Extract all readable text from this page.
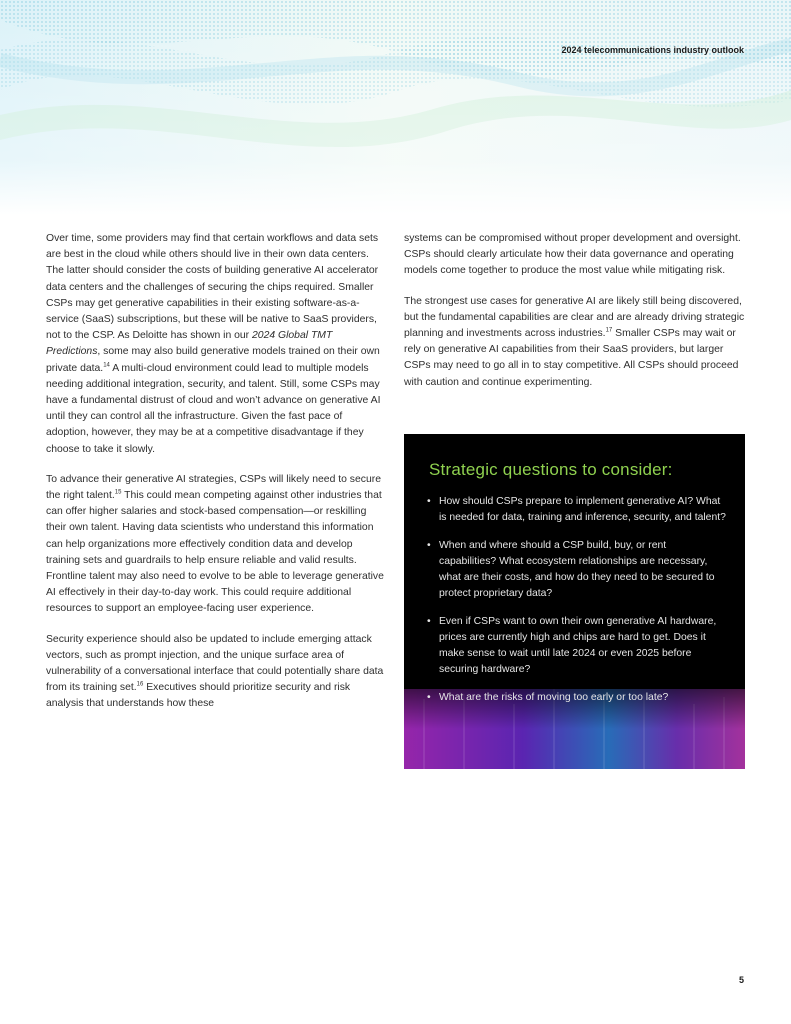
2024 telecommunications industry outlook

Over time, some providers may find that certain workflows and data sets are best in the cloud while others should live in their own data centers. The latter should consider the costs of building generative AI accelerator data centers and the challenges of securing the chips required. Smaller CSPs may get generative capabilities in their existing software-as-a-service (SaaS) subscriptions, but these will be native to SaaS providers, not to the CSP. As Deloitte has shown in our 2024 Global TMT Predictions, some may also build generative models trained on their own private data.$^{14}$ A multi-cloud environment could lead to multiple models needing additional integration, security, and talent. Still, some CSPs may have a fundamental distrust of cloud and won’t advance on generative AI until they can control all the infrastructure. Given the fast pace of adoption, however, they may be at a competitive disadvantage if they choose to take it slowly.

To advance their generative AI strategies, CSPs will likely need to secure the right talent.$^{15}$ This could mean competing against other industries that can offer higher salaries and stock-based compensation—or reskilling their own talent. Having data scientists who understand this information can help organizations more effectively condition data and develop training sets and guardrails to help ensure reliable and valid results. Frontline talent may also need to evolve to be able to leverage generative AI effectively in their day-to-day work. This could require additional resources to support an employee-facing user experience.

Security experience should also be updated to include emerging attack vectors, such as prompt injection, and the unique surface area of vulnerability of a conversational interface that could potentially share data from its training set.$^{16}$ Executives should prioritize security and risk analysis that understands how these

systems can be compromised without proper development and oversight. CSPs should clearly articulate how their data governance and operating models come together to produce the most value while mitigating risk.

The strongest use cases for generative AI are likely still being discovered, but the fundamental capabilities are clear and are already driving strategic planning and investments across industries.$^{17}$ Smaller CSPs may wait or rely on generative AI capabilities from their SaaS providers, but larger CSPs may need to go all in to stay competitive. All CSPs should proceed with caution and continue experimenting.

Strategic questions to consider:
• How should CSPs prepare to implement generative AI? What is needed for data, training and inference, security, and talent?
• When and where should a CSP build, buy, or rent capabilities? What ecosystem relationships are necessary, what are their costs, and how do they need to be secured to protect proprietary data?
• Even if CSPs want to own their own generative AI hardware, prices are currently high and chips are hard to get. Does it make sense to wait until late 2024 or even 2025 before securing hardware?
• What are the risks of moving too early or too late?
5
